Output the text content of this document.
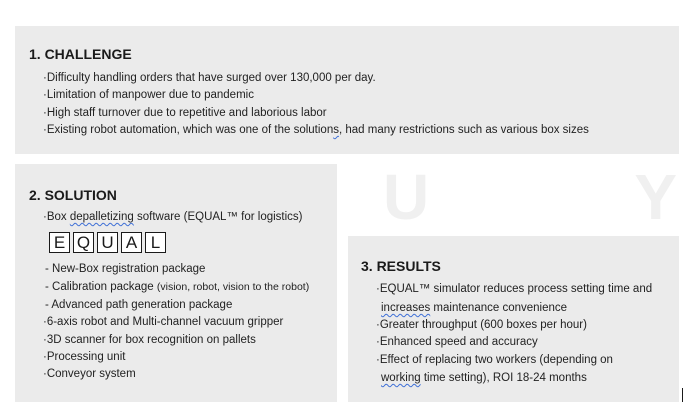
U	Y
1. CHALLENGE
·Difficulty handling orders that have surged over 130,000 per day.
·Limitation of manpower due to pandemic
·High staff turnover due to repetitive and laborious labor
·Existing robot automation, which was one of the solutions, had many restrictions such as various box sizes
2. SOLUTION
·Box depalletizing software (EQUAL™ for logistics)
E Q U A L
- New-Box registration package
- Calibration package (vision, robot, vision to the robot)
- Advanced path generation package
·6-axis robot and Multi-channel vacuum gripper
·3D scanner for box recognition on pallets
·Processing unit
·Conveyor system
3. RESULTS
·EQUAL™ simulator reduces process setting time and
increases maintenance convenience
·Greater throughput (600 boxes per hour)
·Enhanced speed and accuracy
·Effect of replacing two workers (depending on
working time setting), ROI 18-24 months
